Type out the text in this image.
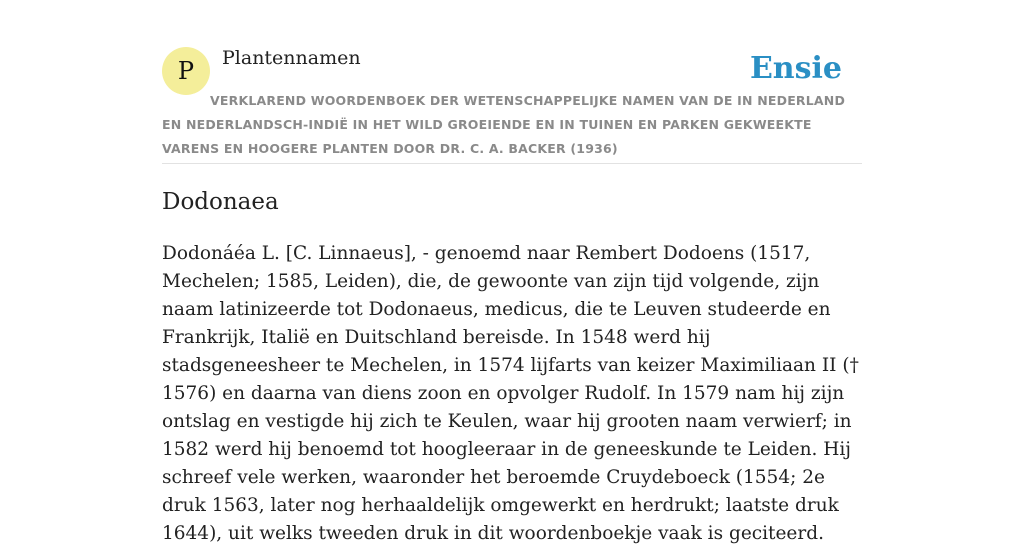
P Plantennamen	Ensie
VERKLAREND WOORDENBOEK DER WETENSCHAPPELIJKE NAMEN VAN DE IN NEDERLAND EN NEDERLANDSCH-INDIË IN HET WILD GROEIENDE EN IN TUINEN EN PARKEN GEKWEEKTE VARENS EN HOOGERE PLANTEN DOOR DR. C. A. BACKER (1936)
Dodonaea

Dodonáéa L. [C. Linnaeus], - genoemd naar Rembert Dodoens (1517, Mechelen; 1585, Leiden), die, de gewoonte van zijn tijd volgende, zijn naam latinizeerde tot Dodonaeus, medicus, die te Leuven studeerde en Frankrijk, Italië en Duitschland bereisde. In 1548 werd hij stadsgeneesheer te Mechelen, in 1574 lijfarts van keizer Maximiliaan II († 1576) en daarna van diens zoon en opvolger Rudolf. In 1579 nam hij zijn ontslag en vestigde hij zich te Keulen, waar hij grooten naam verwierf; in 1582 werd hij benoemd tot hoogleeraar in de geneeskunde te Leiden. Hij schreef vele werken, waaronder het beroemde Cruydeboeck (1554; 2e druk 1563, later nog herhaaldelijk omgewerkt en herdrukt; laatste druk 1644), uit welks tweeden druk in dit woordenboekje vaak is geciteerd.
